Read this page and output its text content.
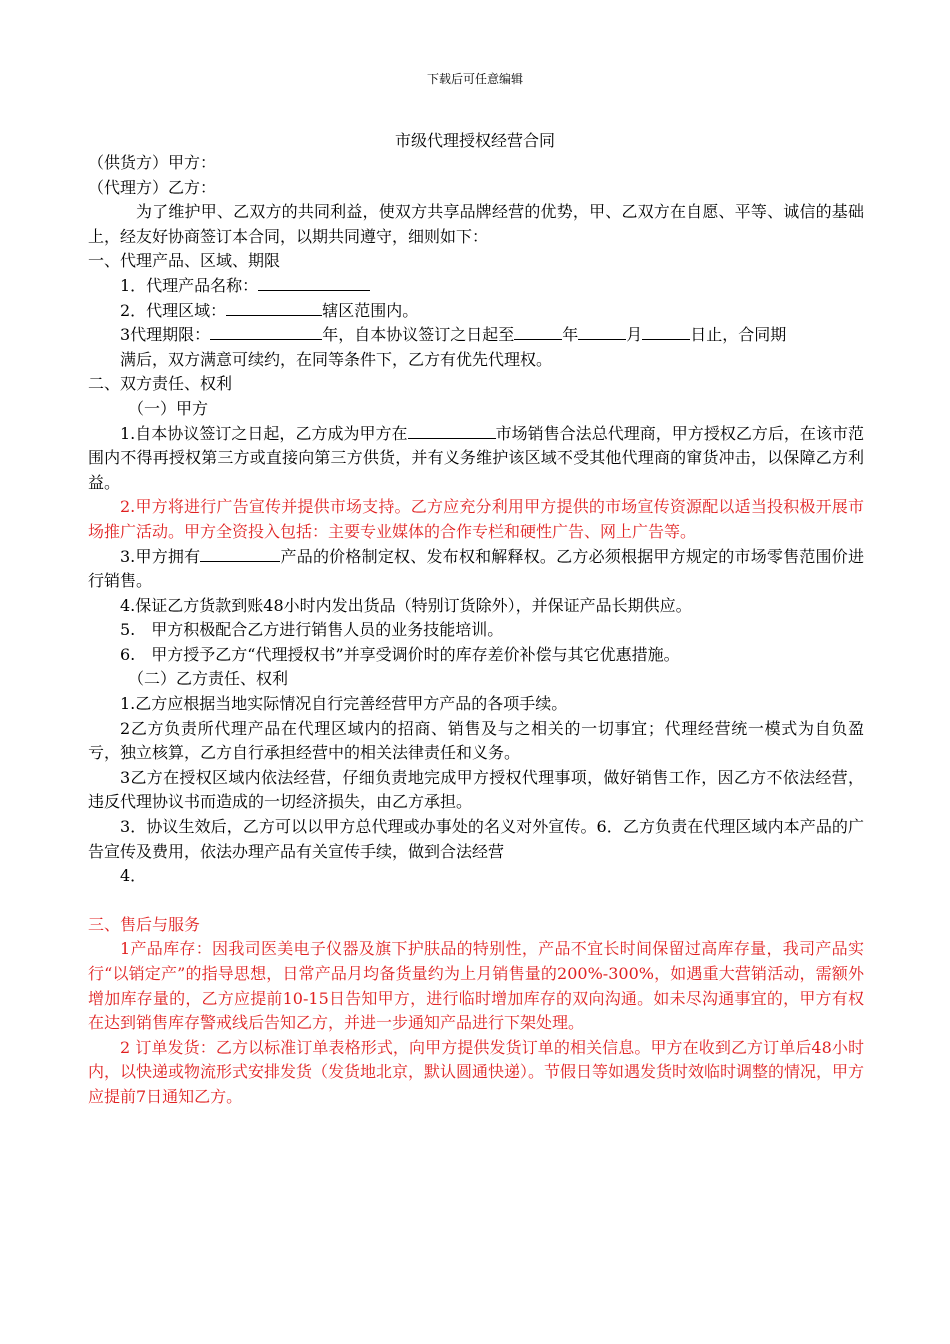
下载后可任意编辑
市级代理授权经营合同

（供货方）甲方：

（代理方）乙方：

为了维护甲、乙双方的共同利益，使双方共享品牌经营的优势，甲、乙双方在自愿、平等、诚信的基础上，经友好协商签订本合同，以期共同遵守，细则如下：

一、代理产品、区域、期限

1．代理产品名称：

2．代理区域：	辖区范围内。

3代理期限：	年，自本协议签订之日起至	年	月	日止，合同期

满后，双方满意可续约，在同等条件下，乙方有优先代理权。

二、双方责任、权利

（一）甲方

1.自本协议签订之日起，乙方成为甲方在	市场销售合法总代理商，甲方授权乙方后，在该市范围内不得再授权第三方或直接向第三方供货，并有义务维护该区域不受其他代理商的窜货冲击，以保障乙方利益。

2.甲方将进行广告宣传并提供市场支持。乙方应充分利用甲方提供的市场宣传资源配以适当投积极开展市场推广活动。甲方全资投入包括：主要专业媒体的合作专栏和硬性广告、网上广告等。

3.甲方拥有	产品的价格制定权、发布权和解释权。乙方必须根据甲方规定的市场零售范围价进行销售。

4.保证乙方货款到账48小时内发出货品（特别订货除外），并保证产品长期供应。

5.　甲方积极配合乙方进行销售人员的业务技能培训。

6.　甲方授予乙方“代理授权书”并享受调价时的库存差价补偿与其它优惠措施。

（二）乙方责任、权利

1.乙方应根据当地实际情况自行完善经营甲方产品的各项手续。

2乙方负责所代理产品在代理区域内的招商、销售及与之相关的一切事宜；代理经营统一模式为自负盈亏，独立核算，乙方自行承担经营中的相关法律责任和义务。

3乙方在授权区域内依法经营，仔细负责地完成甲方授权代理事项，做好销售工作，因乙方不依法经营，违反代理协议书而造成的一切经济损失，由乙方承担。

3．协议生效后，乙方可以以甲方总代理或办事处的名义对外宣传。6．乙方负责在代理区域内本产品的广告宣传及费用，依法办理产品有关宣传手续，做到合法经营

4．

三、售后与服务

1产品库存：因我司医美电子仪器及旗下护肤品的特别性，产品不宜长时间保留过高库存量，我司产品实行“以销定产”的指导思想，日常产品月均备货量约为上月销售量的200%-300%，如遇重大营销活动，需额外增加库存量的，乙方应提前10-15日告知甲方，进行临时增加库存的双向沟通。如未尽沟通事宜的，甲方有权在达到销售库存警戒线后告知乙方，并进一步通知产品进行下架处理。

2 订单发货：乙方以标准订单表格形式，向甲方提供发货订单的相关信息。甲方在收到乙方订单后48小时内，以快递或物流形式安排发货（发货地北京，默认圆通快递）。节假日等如遇发货时效临时调整的情况，甲方应提前7日通知乙方。
